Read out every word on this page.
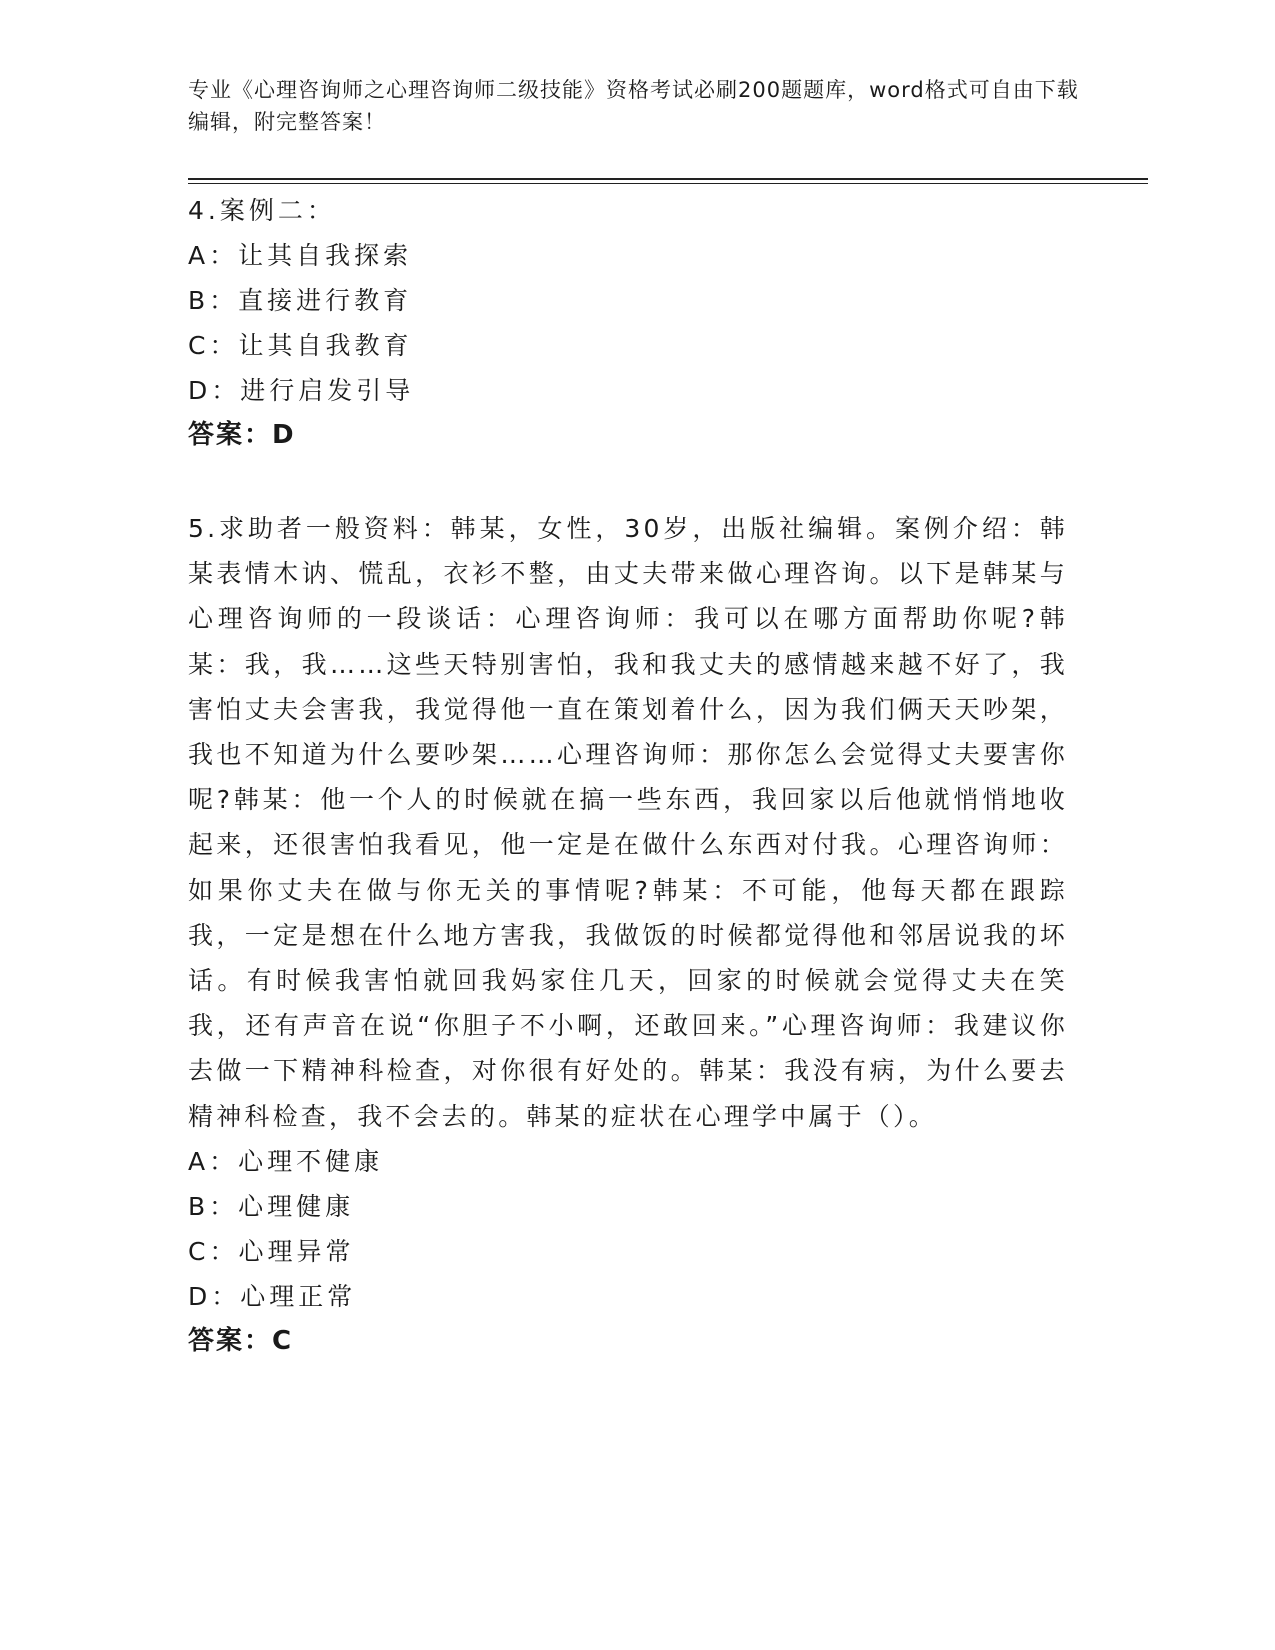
专业《心理咨询师之心理咨询师二级技能》资格考试必刷200题题库，word格式可自由下载编辑，附完整答案！
4.案例二：
A：让其自我探索
B：直接进行教育
C：让其自我教育
D：进行启发引导
答案：D

5.求助者一般资料：韩某，女性，30岁，出版社编辑。案例介绍：韩某表情木讷、慌乱，衣衫不整，由丈夫带来做心理咨询。以下是韩某与心理咨询师的一段谈话：心理咨询师：我可以在哪方面帮助你呢?韩某：我，我……这些天特别害怕，我和我丈夫的感情越来越不好了，我害怕丈夫会害我，我觉得他一直在策划着什么，因为我们俩天天吵架，我也不知道为什么要吵架……心理咨询师：那你怎么会觉得丈夫要害你呢?韩某：他一个人的时候就在搞一些东西，我回家以后他就悄悄地收起来，还很害怕我看见，他一定是在做什么东西对付我。心理咨询师：如果你丈夫在做与你无关的事情呢?韩某：不可能，他每天都在跟踪我，一定是想在什么地方害我，我做饭的时候都觉得他和邻居说我的坏话。有时候我害怕就回我妈家住几天，回家的时候就会觉得丈夫在笑我，还有声音在说“你胆子不小啊，还敢回来。”心理咨询师：我建议你去做一下精神科检查，对你很有好处的。韩某：我没有病，为什么要去精神科检查，我不会去的。韩某的症状在心理学中属于（）。

A：心理不健康
B：心理健康
C：心理异常
D：心理正常
答案：C
